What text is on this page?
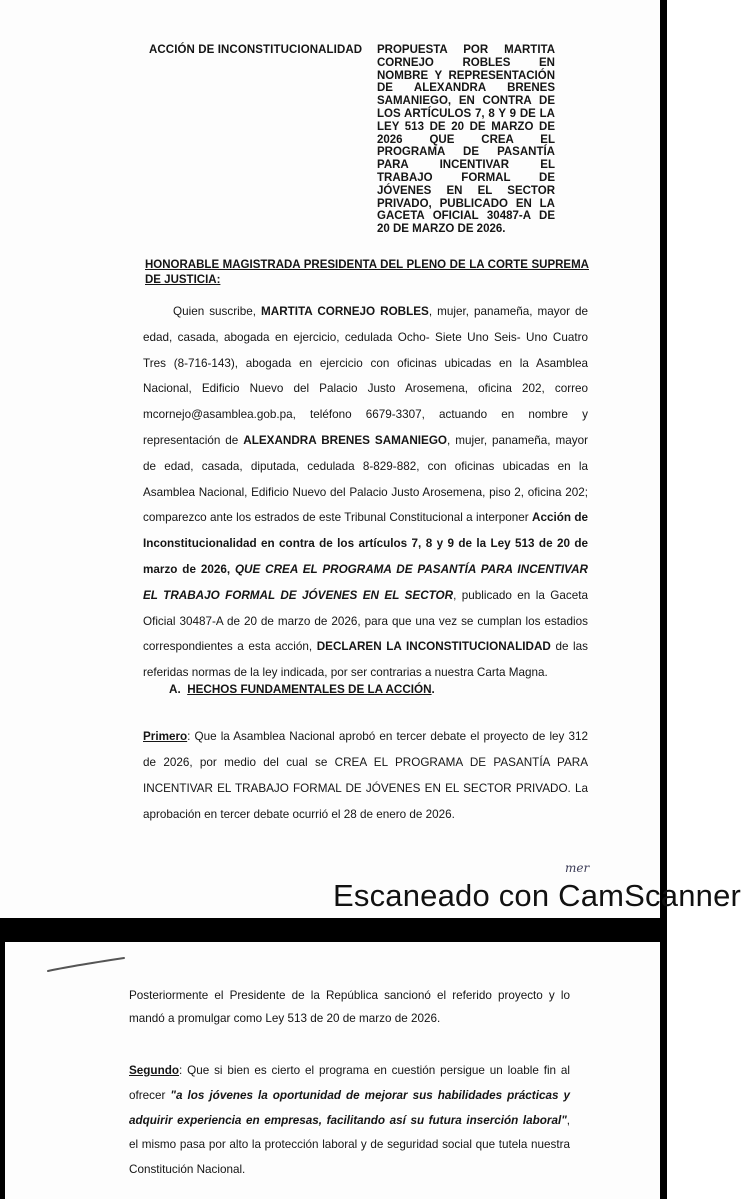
ACCIÓN DE INCONSTITUCIONALIDAD PROPUESTA POR MARTITA CORNEJO ROBLES EN NOMBRE Y REPRESENTACIÓN DE ALEXANDRA BRENES SAMANIEGO, EN CONTRA DE LOS ARTÍCULOS 7, 8 Y 9 DE LA LEY 513 DE 20 DE MARZO DE 2026 QUE CREA EL PROGRAMA DE PASANTÍA PARA INCENTIVAR EL TRABAJO FORMAL DE JÓVENES EN EL SECTOR PRIVADO, PUBLICADO EN LA GACETA OFICIAL 30487-A DE 20 DE MARZO DE 2026.
HONORABLE MAGISTRADA PRESIDENTA DEL PLENO DE LA CORTE SUPREMA DE JUSTICIA:
Quien suscribe, MARTITA CORNEJO ROBLES, mujer, panameña, mayor de edad, casada, abogada en ejercicio, cedulada Ocho- Siete Uno Seis- Uno Cuatro Tres (8-716-143), abogada en ejercicio con oficinas ubicadas en la Asamblea Nacional, Edificio Nuevo del Palacio Justo Arosemena, oficina 202, correo mcornejo@asamblea.gob.pa, teléfono 6679-3307, actuando en nombre y representación de ALEXANDRA BRENES SAMANIEGO, mujer, panameña, mayor de edad, casada, diputada, cedulada 8-829-882, con oficinas ubicadas en la Asamblea Nacional, Edificio Nuevo del Palacio Justo Arosemena, piso 2, oficina 202; comparezco ante los estrados de este Tribunal Constitucional a interponer Acción de Inconstitucionalidad en contra de los artículos 7, 8 y 9 de la Ley 513 de 20 de marzo de 2026, QUE CREA EL PROGRAMA DE PASANTÍA PARA INCENTIVAR EL TRABAJO FORMAL DE JÓVENES EN EL SECTOR, publicado en la Gaceta Oficial 30487-A de 20 de marzo de 2026, para que una vez se cumplan los estadios correspondientes a esta acción, DECLAREN LA INCONSTITUCIONALIDAD de las referidas normas de la ley indicada, por ser contrarias a nuestra Carta Magna.
A. HECHOS FUNDAMENTALES DE LA ACCIÓN.
Primero: Que la Asamblea Nacional aprobó en tercer debate el proyecto de ley 312 de 2026, por medio del cual se CREA EL PROGRAMA DE PASANTÍA PARA INCENTIVAR EL TRABAJO FORMAL DE JÓVENES EN EL SECTOR PRIVADO. La aprobación en tercer debate ocurrió el 28 de enero de 2026.
mer
Escaneado con CamScanner
Posteriormente el Presidente de la República sancionó el referido proyecto y lo mandó a promulgar como Ley 513 de 20 de marzo de 2026.
Segundo: Que si bien es cierto el programa en cuestión persigue un loable fin al ofrecer "a los jóvenes la oportunidad de mejorar sus habilidades prácticas y adquirir experiencia en empresas, facilitando así su futura inserción laboral", el mismo pasa por alto la protección laboral y de seguridad social que tutela nuestra Constitución Nacional.
